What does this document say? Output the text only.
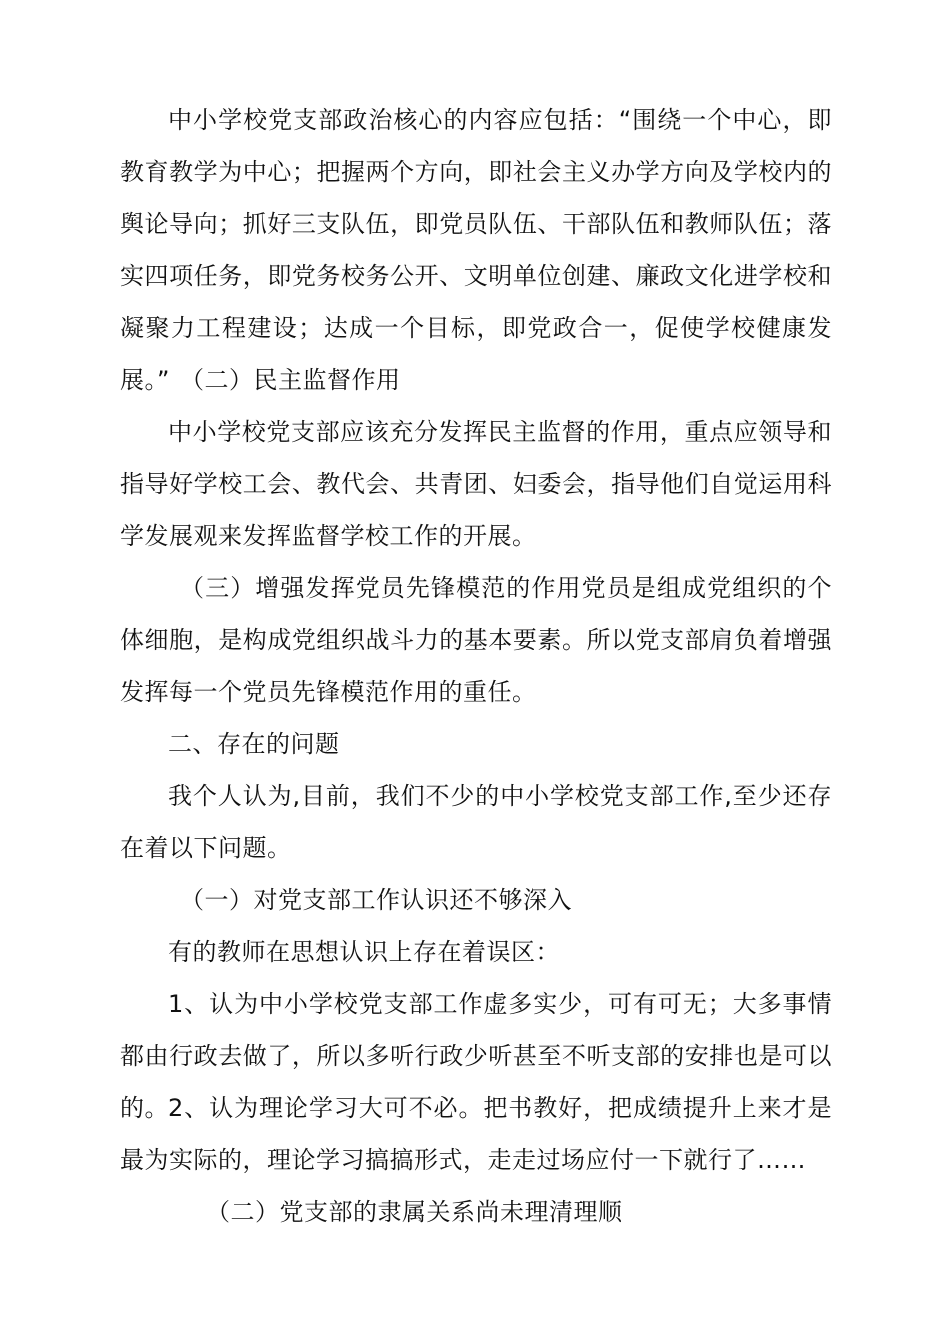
中小学校党支部政治核心的内容应包括：“围绕一个中心，即教育教学为中心；把握两个方向，即社会主义办学方向及学校内的舆论导向；抓好三支队伍，即党员队伍、干部队伍和教师队伍；落实四项任务，即党务校务公开、文明单位创建、廉政文化进学校和凝聚力工程建设；达成一个目标，即党政合一，促使学校健康发展。” （二）民主监督作用

中小学校党支部应该充分发挥民主监督的作用，重点应领导和指导好学校工会、教代会、共青团、妇委会，指导他们自觉运用科学发展观来发挥监督学校工作的开展。

（三）增强发挥党员先锋模范的作用党员是组成党组织的个体细胞，是构成党组织战斗力的基本要素。所以党支部肩负着增强发挥每一个党员先锋模范作用的重任。

二、存在的问题

我个人认为,目前，我们不少的中小学校党支部工作,至少还存在着以下问题。

（一）对党支部工作认识还不够深入

有的教师在思想认识上存在着误区：

1、认为中小学校党支部工作虚多实少，可有可无；大多事情都由行政去做了，所以多听行政少听甚至不听支部的安排也是可以的。 2、认为理论学习大可不必。把书教好，把成绩提升上来才是最为实际的，理论学习搞搞形式，走走过场应付一下就行了……

（二）党支部的隶属关系尚未理清理顺
